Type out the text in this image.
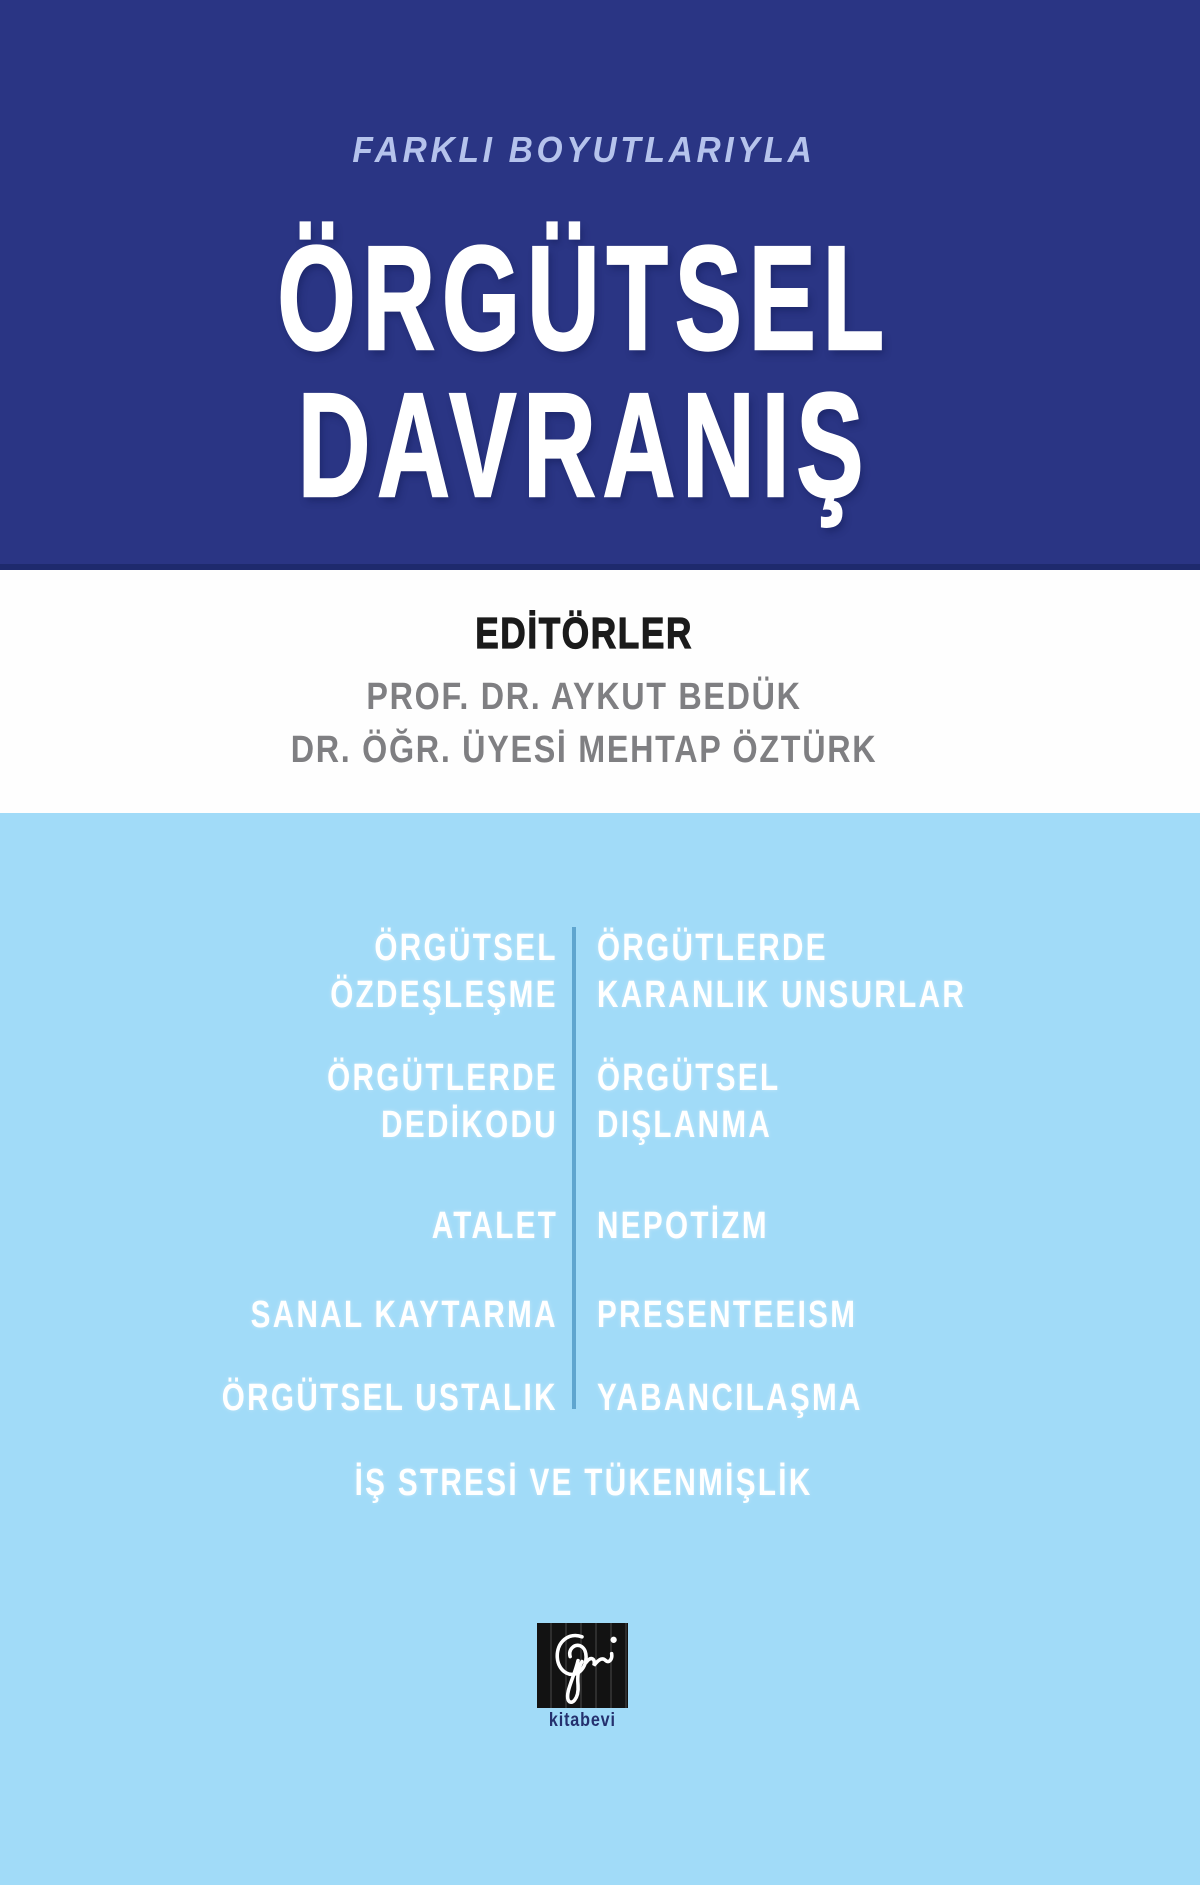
FARKLI BOYUTLARIYLA
ÖRGÜTSEL
DAVRANIŞ
EDİTÖRLER
PROF. DR. AYKUT BEDÜK
DR. ÖĞR. ÜYESİ MEHTAP ÖZTÜRK
ÖRGÜTSEL
ÖZDEŞLEŞME
ÖRGÜTLERDE
KARANLIK UNSURLAR
ÖRGÜTLERDE
DEDİKODU
ÖRGÜTSEL
DIŞLANMA
ATALET NEPOTİZM
SANAL KAYTARMA PRESENTEEISM
ÖRGÜTSEL USTALIK YABANCILAŞMA
İŞ STRESİ VE TÜKENMİŞLİK
kitabevi
